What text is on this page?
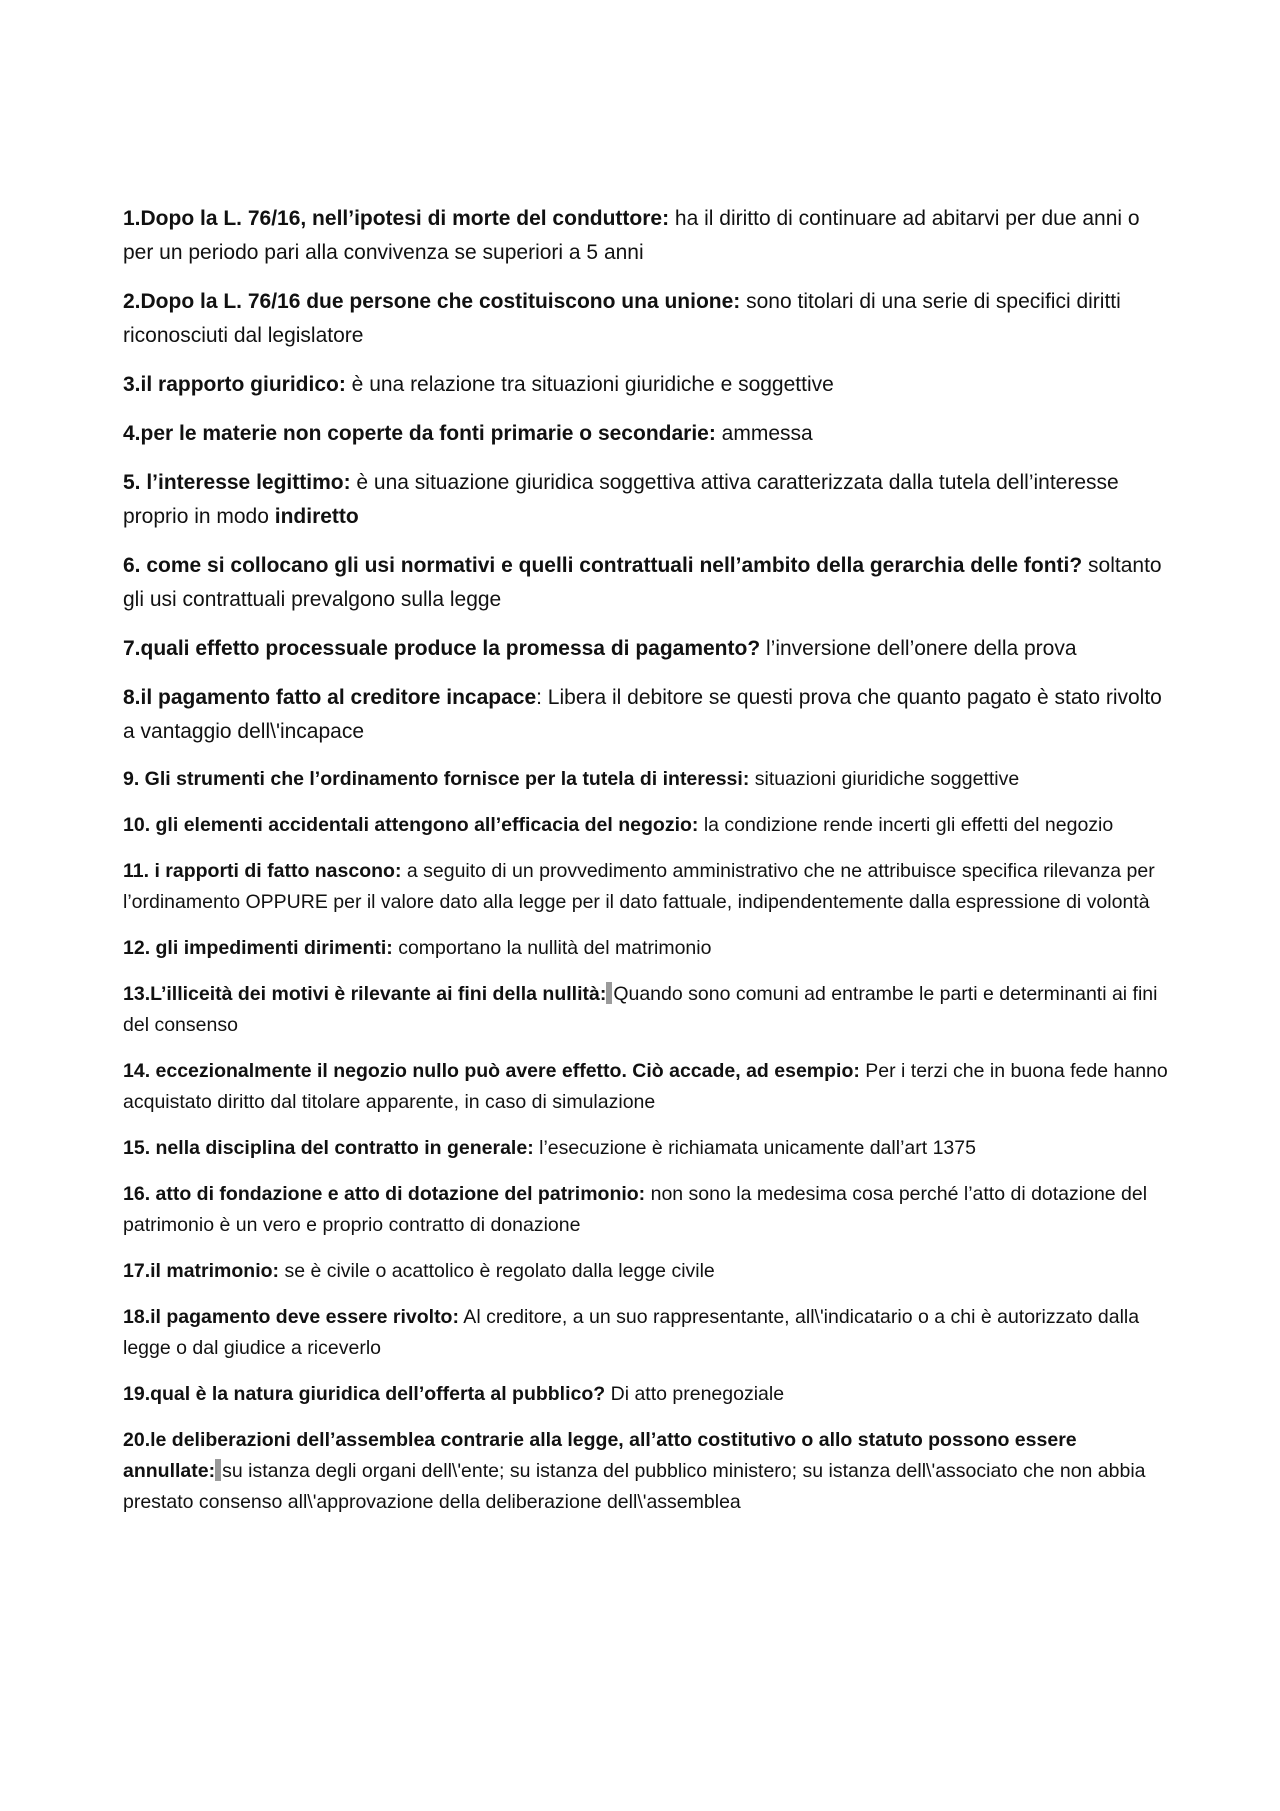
1.Dopo la L. 76/16, nell’ipotesi di morte del conduttore: ha il diritto di continuare ad abitarvi per due anni o per un periodo pari alla convivenza se superiori a 5 anni

2.Dopo la L. 76/16 due persone che costituiscono una unione: sono titolari di una serie di specifici diritti riconosciuti dal legislatore

3.il rapporto giuridico: è una relazione tra situazioni giuridiche e soggettive

4.per le materie non coperte da fonti primarie o secondarie: ammessa

5. l’interesse legittimo: è una situazione giuridica soggettiva attiva caratterizzata dalla tutela dell’interesse proprio in modo indiretto

6. come si collocano gli usi normativi e quelli contrattuali nell’ambito della gerarchia delle fonti? soltanto gli usi contrattuali prevalgono sulla legge

7.quali effetto processuale produce la promessa di pagamento? l’inversione dell’onere della prova

8.il pagamento fatto al creditore incapace: Libera il debitore se questi prova che quanto pagato è stato rivolto a vantaggio dell\'incapace

9. Gli strumenti che l’ordinamento fornisce per la tutela di interessi: situazioni giuridiche soggettive

10. gli elementi accidentali attengono all’efficacia del negozio: la condizione rende incerti gli effetti del negozio

11. i rapporti di fatto nascono: a seguito di un provvedimento amministrativo che ne attribuisce specifica rilevanza per l’ordinamento OPPURE per il valore dato alla legge per il dato fattuale, indipendentemente dalla espressione di volontà

12. gli impedimenti dirimenti: comportano la nullità del matrimonio

13.L’illiceità dei motivi è rilevante ai fini della nullità: Quando sono comuni ad entrambe le parti e determinanti ai fini del consenso

14. eccezionalmente il negozio nullo può avere effetto. Ciò accade, ad esempio: Per i terzi che in buona fede hanno acquistato diritto dal titolare apparente, in caso di simulazione

15. nella disciplina del contratto in generale: l’esecuzione è richiamata unicamente dall’art 1375

16. atto di fondazione e atto di dotazione del patrimonio: non sono la medesima cosa perché l’atto di dotazione del patrimonio è un vero e proprio contratto di donazione

17.il matrimonio: se è civile o acattolico è regolato dalla legge civile

18.il pagamento deve essere rivolto: Al creditore, a un suo rappresentante, all\'indicatario o a chi è autorizzato dalla legge o dal giudice a riceverlo

19.qual è la natura giuridica dell’offerta al pubblico? Di atto prenegoziale

20.le deliberazioni dell’assemblea contrarie alla legge, all’atto costitutivo o allo statuto possono essere annullate: su istanza degli organi dell\'ente; su istanza del pubblico ministero; su istanza dell\'associato che non abbia prestato consenso all\'approvazione della deliberazione dell\'assemblea
